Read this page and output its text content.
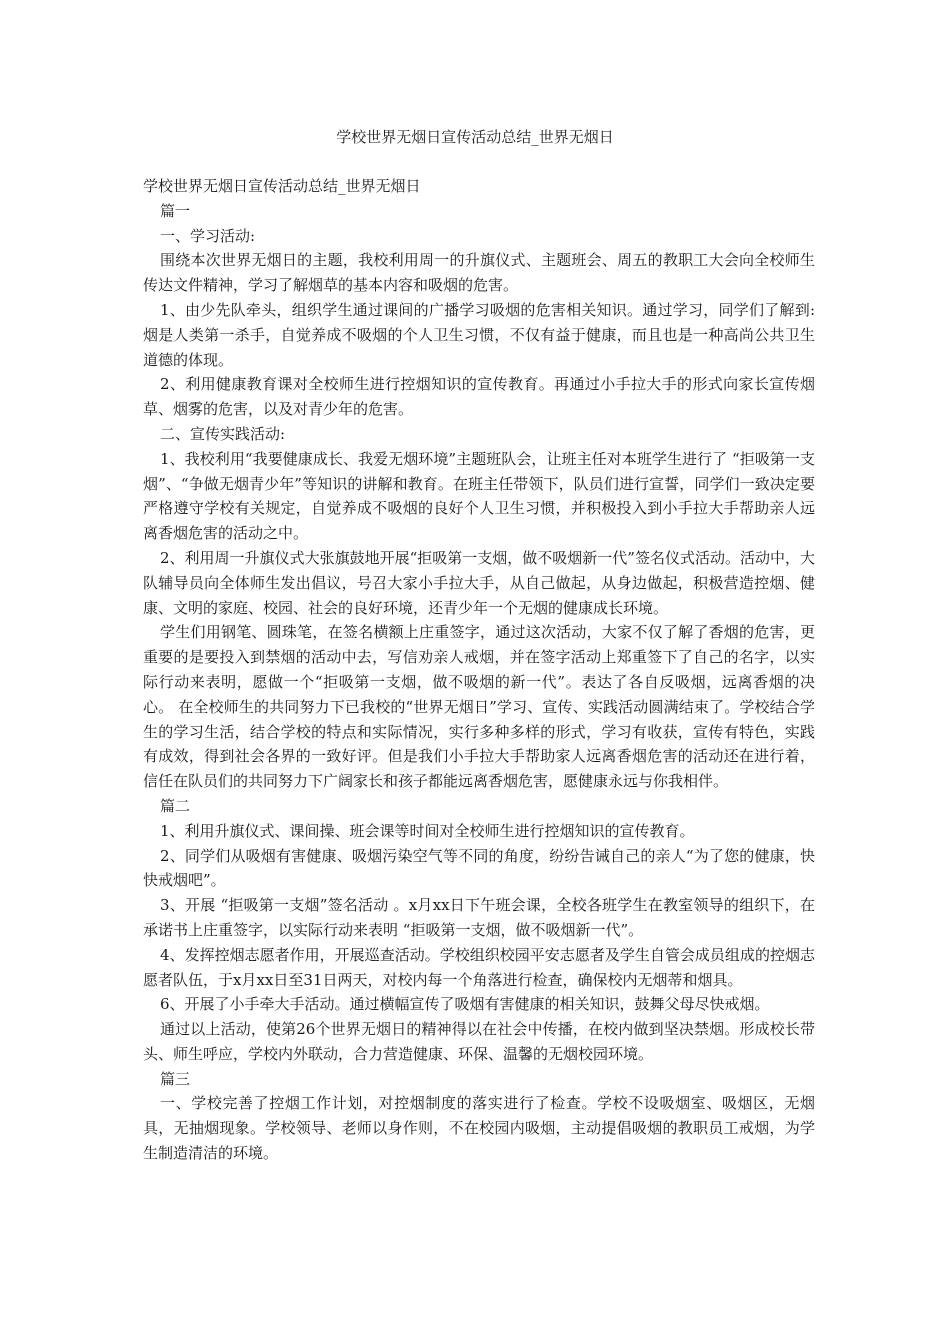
学校世界无烟日宣传活动总结_世界无烟日

学校世界无烟日宣传活动总结_世界无烟日

篇一

一、学习活动:

围绕本次世界无烟日的主题，我校利用周一的升旗仪式、主题班会、周五的教职工大会向全校师生传达文件精神，学习了解烟草的基本内容和吸烟的危害。

1、由少先队牵头，组织学生通过课间的广播学习吸烟的危害相关知识。通过学习，同学们了解到:烟是人类第一杀手，自觉养成不吸烟的个人卫生习惯，不仅有益于健康，而且也是一种高尚公共卫生道德的体现。

2、利用健康教育课对全校师生进行控烟知识的宣传教育。再通过小手拉大手的形式向家长宣传烟草、烟雾的危害，以及对青少年的危害。

二、宣传实践活动:

1、我校利用“我要健康成长、我爱无烟环境”主题班队会，让班主任对本班学生进行了 “拒吸第一支烟”、“争做无烟青少年”等知识的讲解和教育。在班主任带领下，队员们进行宣誓，同学们一致决定要严格遵守学校有关规定，自觉养成不吸烟的良好个人卫生习惯，并积极投入到小手拉大手帮助亲人远离香烟危害的活动之中。

2、利用周一升旗仪式大张旗鼓地开展“拒吸第一支烟，做不吸烟新一代”签名仪式活动。活动中，大队辅导员向全体师生发出倡议，号召大家小手拉大手，从自己做起，从身边做起，积极营造控烟、健康、文明的家庭、校园、社会的良好环境，还青少年一个无烟的健康成长环境。

学生们用钢笔、圆珠笔，在签名横额上庄重签字，通过这次活动，大家不仅了解了香烟的危害，更重要的是要投入到禁烟的活动中去，写信劝亲人戒烟，并在签字活动上郑重签下了自己的名字，以实际行动来表明，愿做一个“拒吸第一支烟，做不吸烟的新一代”。表达了各自反吸烟，远离香烟的决心。 在全校师生的共同努力下已我校的“世界无烟日”学习、宣传、实践活动圆满结束了。学校结合学生的学习生活，结合学校的特点和实际情况，实行多种多样的形式，学习有收获，宣传有特色，实践有成效，得到社会各界的一致好评。但是我们小手拉大手帮助家人远离香烟危害的活动还在进行着，信任在队员们的共同努力下广阔家长和孩子都能远离香烟危害，愿健康永远与你我相伴。

篇二

1、利用升旗仪式、课间操、班会课等时间对全校师生进行控烟知识的宣传教育。

2、同学们从吸烟有害健康、吸烟污染空气等不同的角度，纷纷告诫自己的亲人“为了您的健康，快快戒烟吧”。

3、开展 “拒吸第一支烟”签名活动 。x月xx日下午班会课，全校各班学生在教室领导的组织下，在承诺书上庄重签字，以实际行动来表明 “拒吸第一支烟，做不吸烟新一代”。

4、发挥控烟志愿者作用，开展巡查活动。学校组织校园平安志愿者及学生自管会成员组成的控烟志愿者队伍，于x月xx日至31日两天，对校内每一个角落进行检查，确保校内无烟蒂和烟具。

6、开展了小手牵大手活动。通过横幅宣传了吸烟有害健康的相关知识，鼓舞父母尽快戒烟。

通过以上活动，使第26个世界无烟日的精神得以在社会中传播，在校内做到坚决禁烟。形成校长带头、师生呼应，学校内外联动，合力营造健康、环保、温馨的无烟校园环境。

篇三

一、学校完善了控烟工作计划，对控烟制度的落实进行了检查。学校不设吸烟室、吸烟区，无烟具，无抽烟现象。学校领导、老师以身作则，不在校园内吸烟，主动提倡吸烟的教职员工戒烟，为学生制造清洁的环境。
